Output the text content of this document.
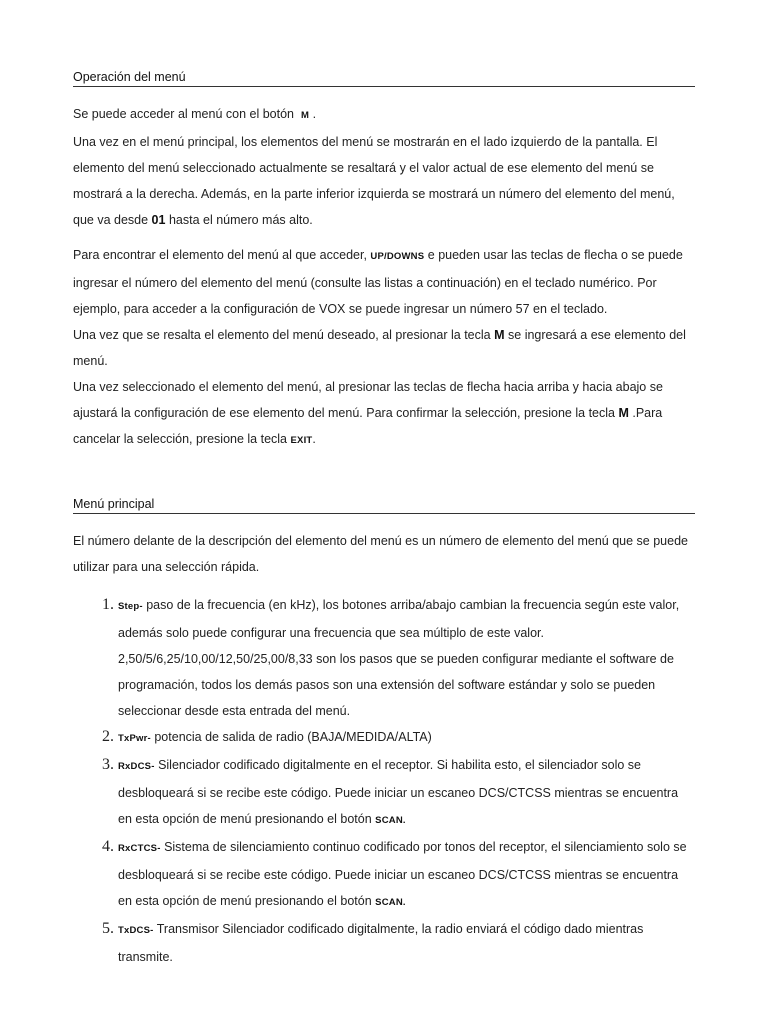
Operación del menú

Se puede acceder al menú con el botón M .
Una vez en el menú principal, los elementos del menú se mostrarán en el lado izquierdo de la pantalla. El elemento del menú seleccionado actualmente se resaltará y el valor actual de ese elemento del menú se mostrará a la derecha. Además, en la parte inferior izquierda se mostrará un número del elemento del menú, que va desde 01 hasta el número más alto.

Para encontrar el elemento del menú al que acceder, UP/DOWNS e pueden usar las teclas de flecha o se puede ingresar el número del elemento del menú (consulte las listas a continuación) en el teclado numérico. Por ejemplo, para acceder a la configuración de VOX se puede ingresar un número 57 en el teclado.
Una vez que se resalta el elemento del menú deseado, al presionar la tecla M se ingresará a ese elemento del menú.
Una vez seleccionado el elemento del menú, al presionar las teclas de flecha hacia arriba y hacia abajo se ajustará la configuración de ese elemento del menú. Para confirmar la selección, presione la tecla M .Para cancelar la selección, presione la tecla EXIT.

Menú principal

El número delante de la descripción del elemento del menú es un número de elemento del menú que se puede utilizar para una selección rápida.

1. Step- paso de la frecuencia (en kHz), los botones arriba/abajo cambian la frecuencia según este valor, además solo puede configurar una frecuencia que sea múltiplo de este valor. 2,50/5/6,25/10,00/12,50/25,00/8,33 son los pasos que se pueden configurar mediante el software de programación, todos los demás pasos son una extensión del software estándar y solo se pueden seleccionar desde esta entrada del menú.
2. TxPwr- potencia de salida de radio (BAJA/MEDIDA/ALTA)
3. RxDCS- Silenciador codificado digitalmente en el receptor. Si habilita esto, el silenciador solo se desbloqueará si se recibe este código. Puede iniciar un escaneo DCS/CTCSS mientras se encuentra en esta opción de menú presionando el botón SCAN.
4. RxCTCS- Sistema de silenciamiento continuo codificado por tonos del receptor, el silenciamiento solo se desbloqueará si se recibe este código. Puede iniciar un escaneo DCS/CTCSS mientras se encuentra en esta opción de menú presionando el botón SCAN.
5. TxDCS- Transmisor Silenciador codificado digitalmente, la radio enviará el código dado mientras transmite.
